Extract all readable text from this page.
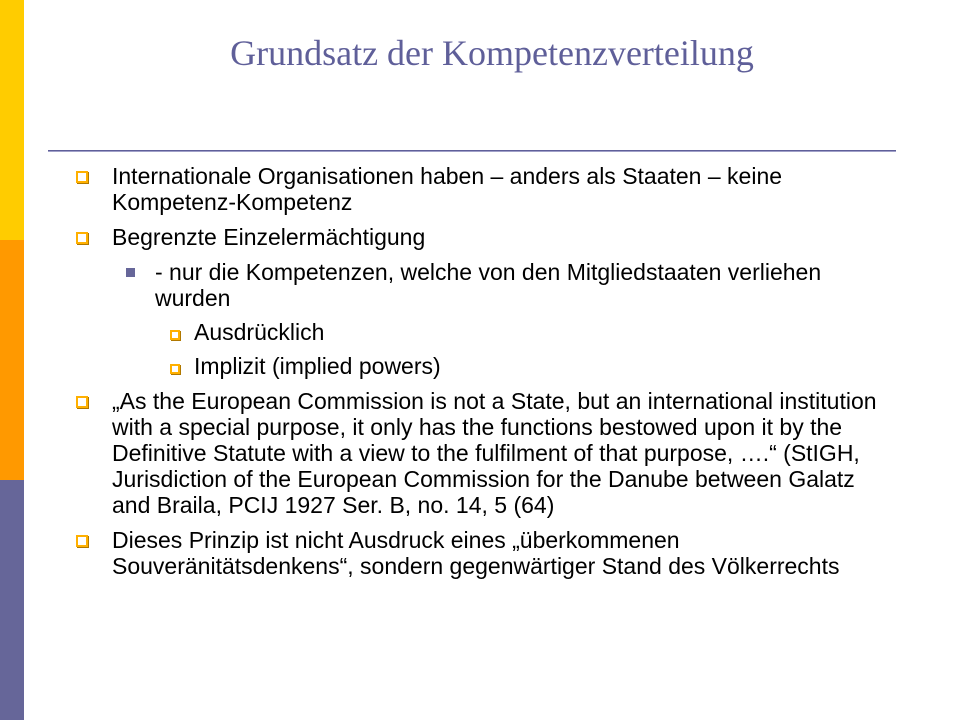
Grundsatz der Kompetenzverteilung
Internationale Organisationen haben – anders als Staaten – keine Kompetenz-Kompetenz
Begrenzte Einzelermächtigung
- nur die Kompetenzen, welche von den Mitgliedstaaten verliehen wurden
Ausdrücklich
Implizit (implied powers)
„As the European Commission is not a State, but an international institution with a special purpose, it only has the functions bestowed upon it by the Definitive Statute with a view to the fulfilment of that purpose, ….“ (StIGH, Jurisdiction of the European Commission for the Danube between Galatz and Braila, PCIJ 1927 Ser. B, no. 14, 5 (64)
Dieses Prinzip ist nicht Ausdruck eines „überkommenen Souveränitätsdenkens“, sondern gegenwärtiger Stand des Völkerrechts
